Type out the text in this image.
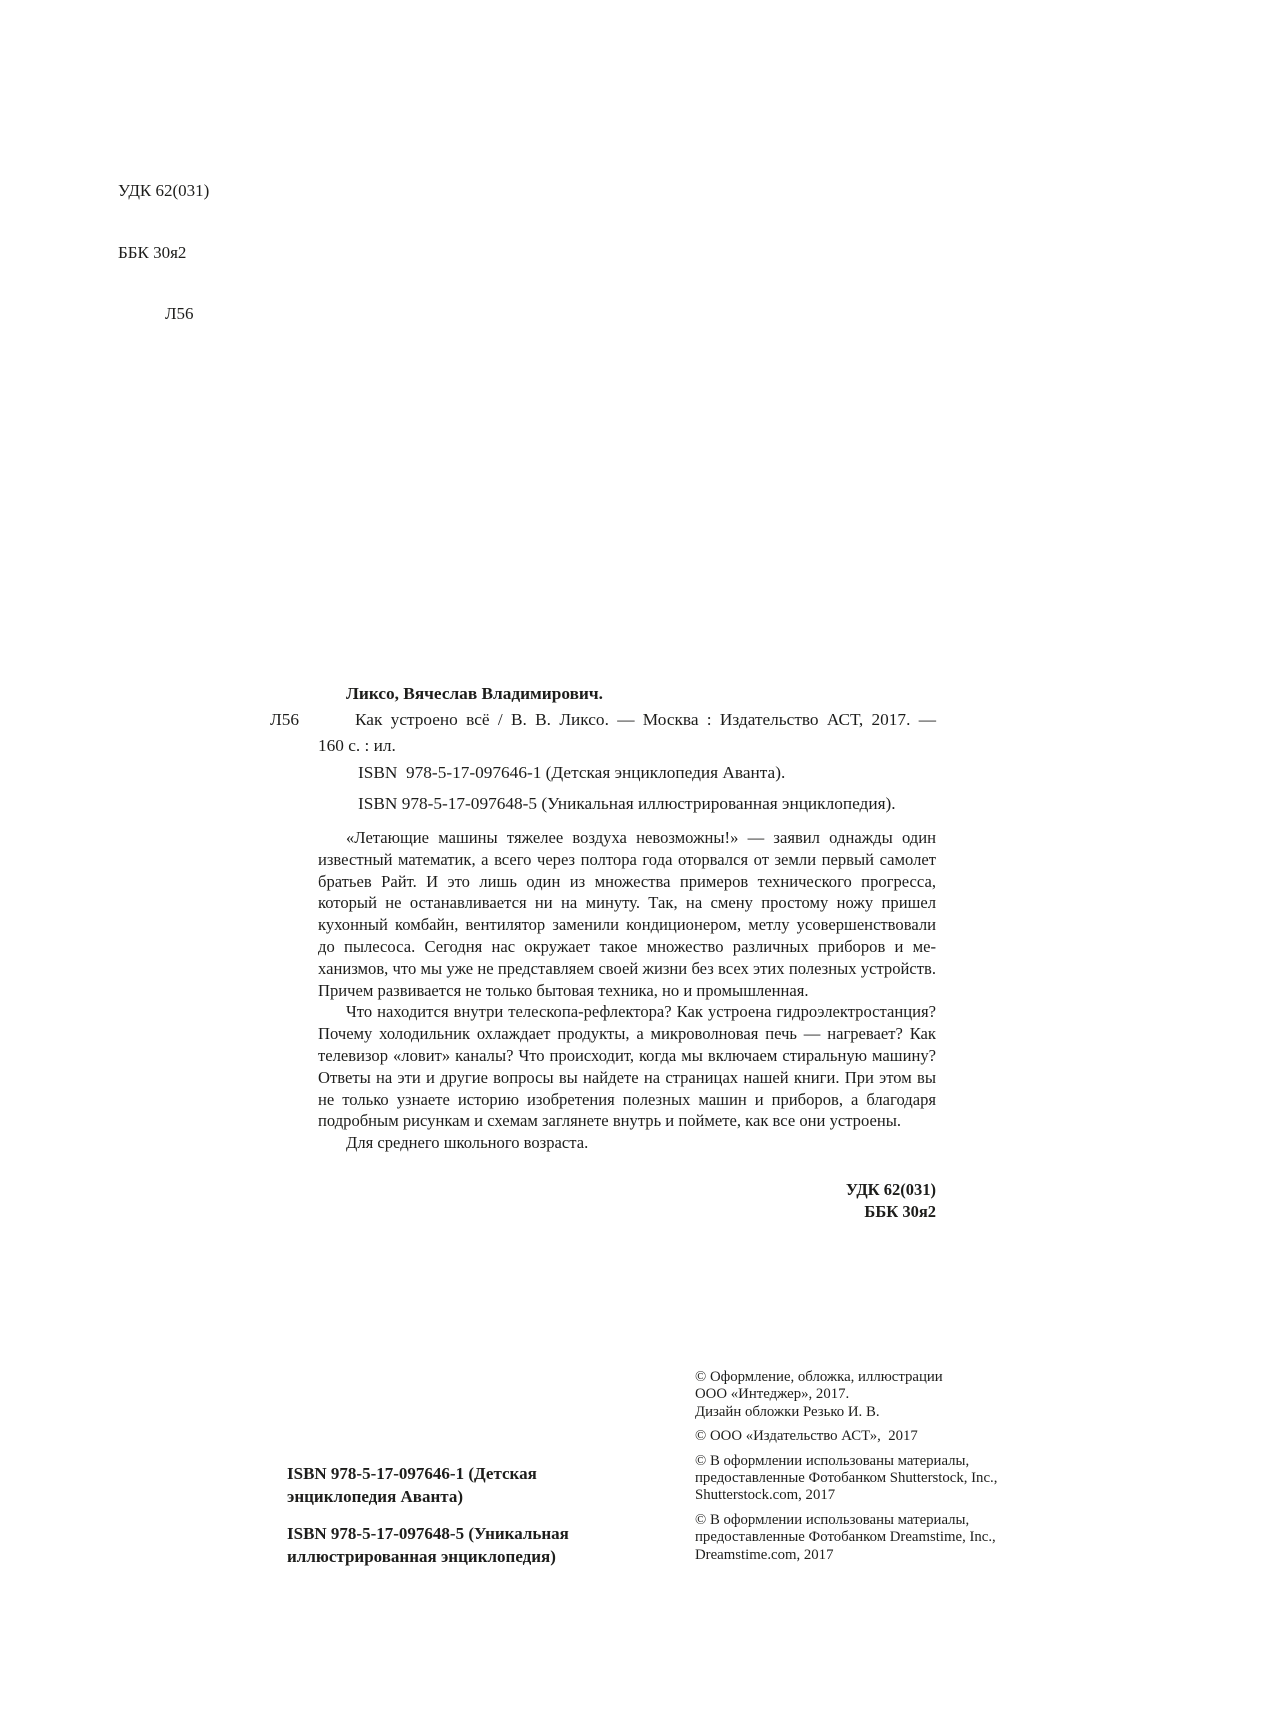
УДК 62(031)

ББК 30я2

Л56

Ликсо, Вячеслав Владимирович.
Л56	Как устроено всё / В. В. Ликсо. — Москва : Издательство АСТ, 2017. —
160 с. : ил.
ISBN  978-5-17-097646-1 (Детская энциклопедия Аванта).
ISBN 978-5-17-097648-5 (Уникальная иллюстрированная энциклопедия).
«Летающие машины тяжелее воздуха невозможны!» — заявил однажды один
известный математик, а всего через полтора года оторвался от земли первый самолет
братьев Райт. И это лишь один из множества примеров технического прогресса,
который не останавливается ни на минуту. Так, на смену простому ножу пришел
кухонный комбайн, вентилятор заменили кондиционером, метлу усовершенствовали
до пылесоса. Сегодня нас окружает такое множество различных приборов и ме-
ханизмов, что мы уже не представляем своей жизни без всех этих полезных устройств.
Причем развивается не только бытовая техника, но и промышленная.
Что находится внутри телескопа-рефлектора? Как устроена гидроэлектростанция?
Почему холодильник охлаждает продукты, а микроволновая печь — нагревает? Как
телевизор «ловит» каналы? Что происходит, когда мы включаем стиральную машину?
Ответы на эти и другие вопросы вы найдете на страницах нашей книги. При этом вы
не только узнаете историю изобретения полезных машин и приборов, а благодаря
подробным рисункам и схемам заглянете внутрь и поймете, как все они устроены.
Для среднего школьного возраста.
УДК 62(031)
ББК 30я2
ISBN 978-5-17-097646-1 (Детская
энциклопедия Аванта)
ISBN 978-5-17-097648-5 (Уникальная
иллюстрированная энциклопедия)
© Оформление, обложка, иллюстрации
ООО «Интеджер», 2017.
Дизайн обложки Резько И. В.
© ООО «Издательство АСТ»,  2017
© В оформлении использованы материалы,
предоставленные Фотобанком Shutterstock, Inc.,
Shutterstock.com, 2017
© В оформлении использованы материалы,
предоставленные Фотобанком Dreamstime, Inc.,
Dreamstime.com, 2017
